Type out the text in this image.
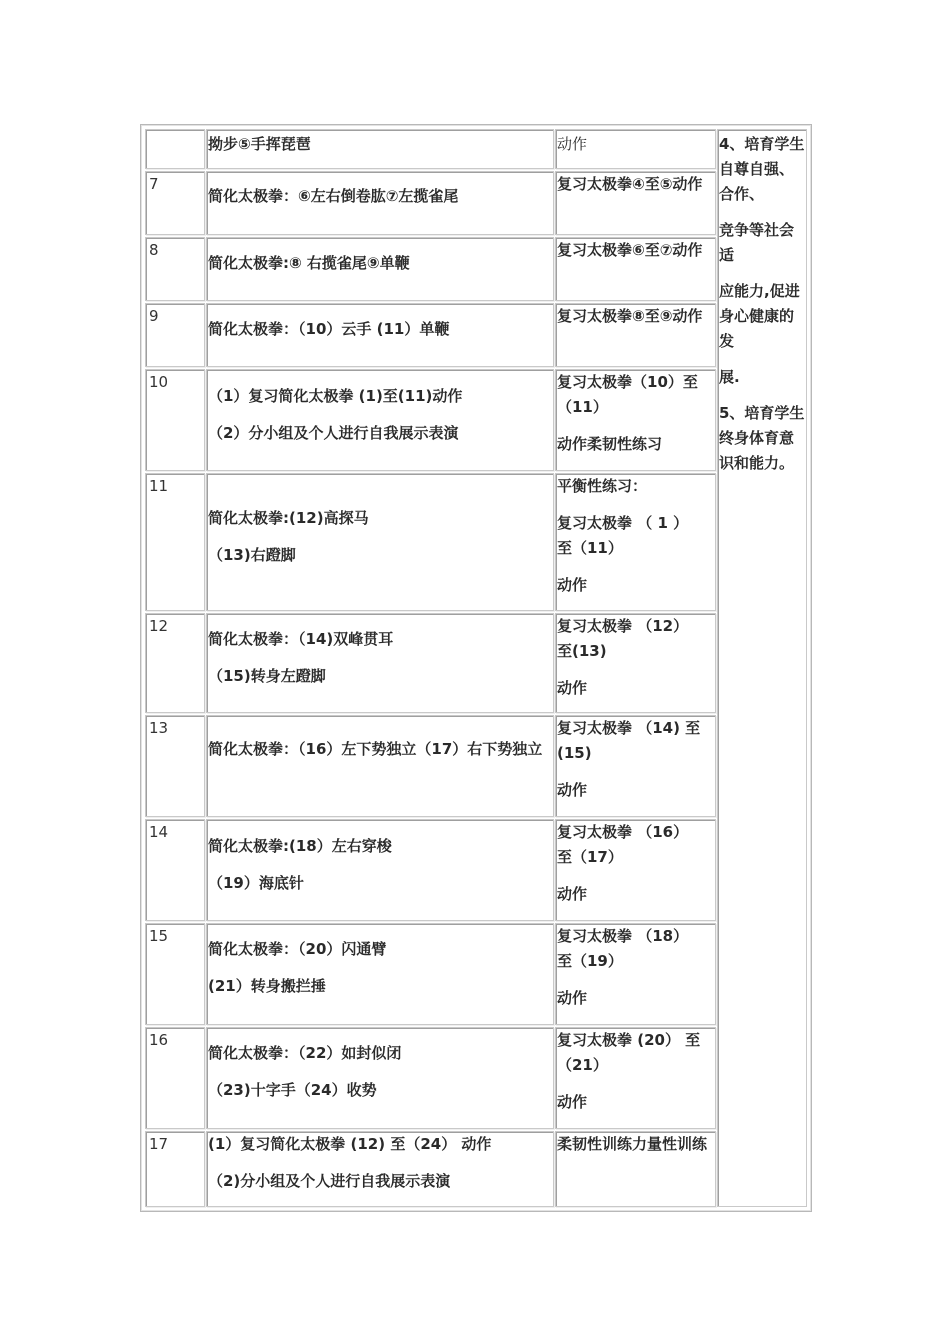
4、培育学生自尊自强、合作、

竞争等社会适

应能力,促进身心健康的发

展.

5、培育学生终身体育意识和能力。

拗步⑤手挥琵琶	动作

7

简化太极拳：⑥左右倒卷肱⑦左揽雀尾

复习太极拳④至⑤动作

8

简化太极拳:⑧ 右揽雀尾⑨单鞭

复习太极拳⑥至⑦动作

9

简化太极拳：（10）云手 (11）单鞭

复习太极拳⑧至⑨动作

10

（1）复习简化太极拳 (1)至(11)动作

（2）分小组及个人进行自我展示表演

复习太极拳（10）至（11）

动作柔韧性练习

11

简化太极拳:(12)高探马

（13)右蹬脚

平衡性练习：

复习太极拳 （ 1 ）至（11）

动作

12

简化太极拳：（14)双峰贯耳

（15)转身左蹬脚

复习太极拳 （12）至(13)

动作

13

简化太极拳：（16）左下势独立（17）右下势独立

复习太极拳 （14) 至(15)

动作

14

简化太极拳:(18）左右穿梭

（19）海底针

复习太极拳 （16）至（17）

动作

15

简化太极拳：（20）闪通臂

(21）转身搬拦捶

复习太极拳 （18）至（19）

动作

16

简化太极拳：（22）如封似闭

（23)十字手（24）收势

复习太极拳 (20） 至（21）

动作

17	(1）复习简化太极拳 (12) 至（24） 动作

（2)分小组及个人进行自我展示表演

柔韧性训练力量性训练
